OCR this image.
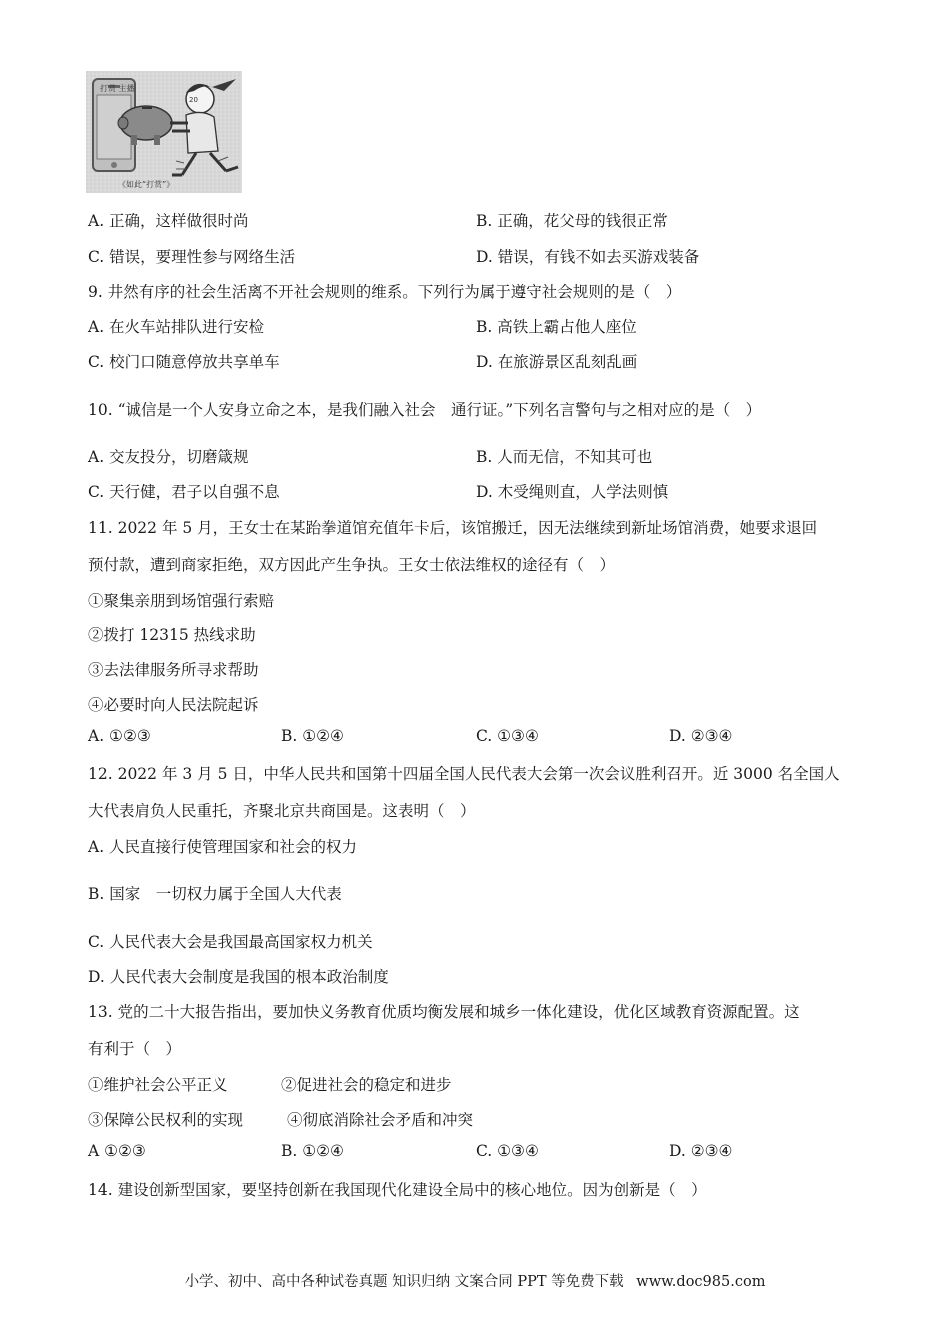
打赏 主播
20
《如此“打赏”》
A. 正确，这样做很时尚	B. 正确，花父母的钱很正常
C. 错误，要理性参与网络生活	D. 错误，有钱不如去买游戏装备
9. 井然有序的社会生活离不开社会规则的维系。下列行为属于遵守社会规则的是（　）
A. 在火车站排队进行安检	B. 高铁上霸占他人座位
C. 校门口随意停放共享单车	D. 在旅游景区乱刻乱画
10. “诚信是一个人安身立命之本，是我们融入社会　通行证。”下列名言警句与之相对应的是（　）
A. 交友投分，切磨箴规	B. 人而无信，不知其可也
C. 天行健，君子以自强不息	D. 木受绳则直，人学法则慎
11. 2022 年 5 月，王女士在某跆拳道馆充值年卡后，该馆搬迁，因无法继续到新址场馆消费，她要求退回
预付款，遭到商家拒绝，双方因此产生争执。王女士依法维权的途径有（　）
①聚集亲朋到场馆强行索赔
②拨打 12315 热线求助
③去法律服务所寻求帮助
④必要时向人民法院起诉
A. ①②③	B. ①②④	C. ①③④	D. ②③④
12. 2022 年 3 月 5 日，中华人民共和国第十四届全国人民代表大会第一次会议胜利召开。近 3000 名全国人
大代表肩负人民重托，齐聚北京共商国是。这表明（　）
A. 人民直接行使管理国家和社会的权力
B. 国家　一切权力属于全国人大代表
C. 人民代表大会是我国最高国家权力机关
D. 人民代表大会制度是我国的根本政治制度
13. 党的二十大报告指出，要加快义务教育优质均衡发展和城乡一体化建设，优化区域教育资源配置。这
有利于（　）
①维护社会公平正义	②促进社会的稳定和进步
③保障公民权利的实现	④彻底消除社会矛盾和冲突
A ①②③	B. ①②④	C. ①③④	D. ②③④
14. 建设创新型国家，要坚持创新在我国现代化建设全局中的核心地位。因为创新是（　）
小学、初中、高中各种试卷真题 知识归纳 文案合同 PPT 等免费下载 www.doc985.com
